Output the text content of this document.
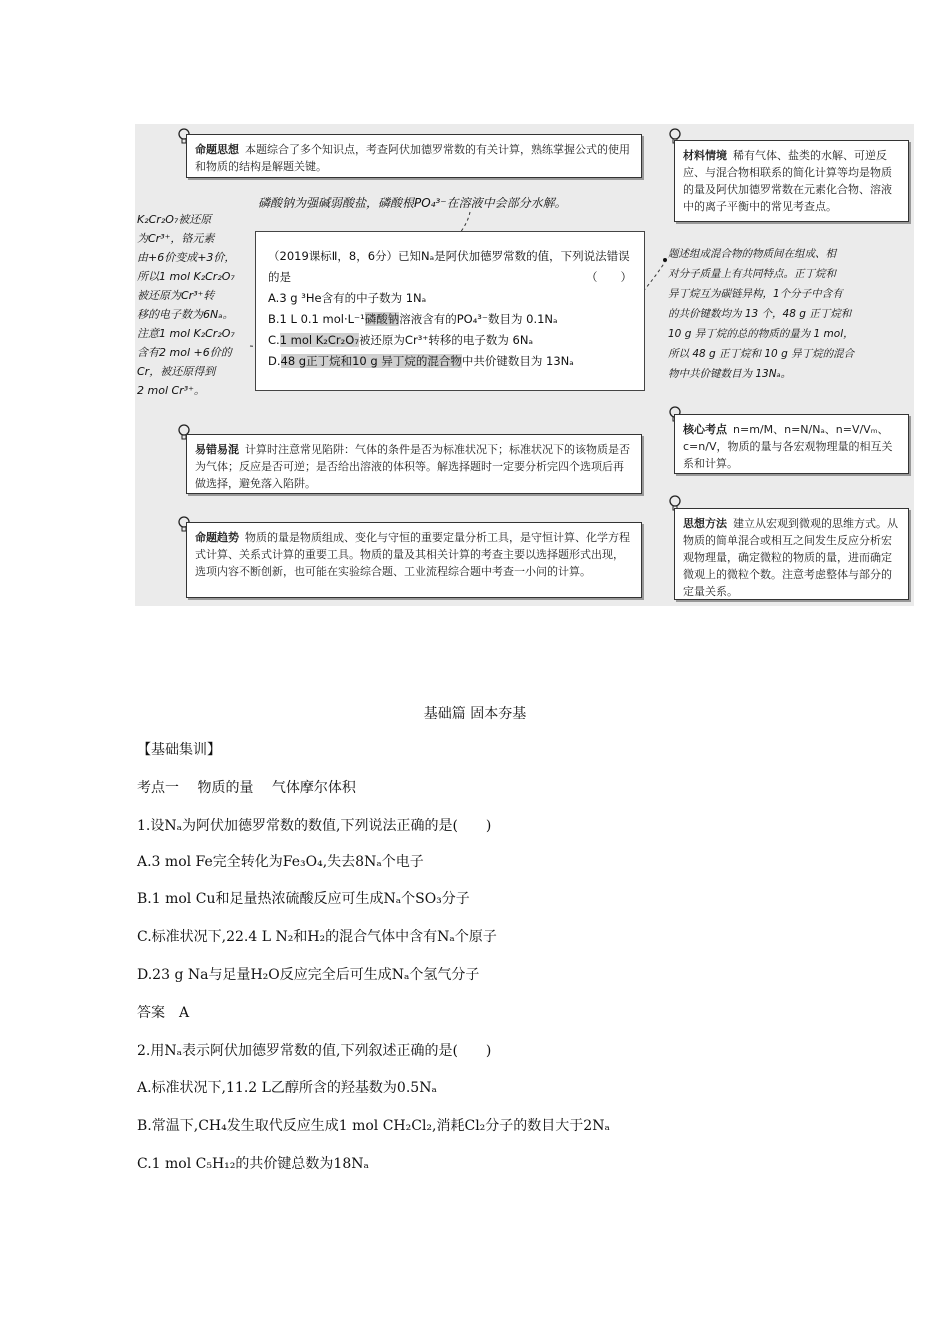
命题思想 本题综合了多个知识点，考查阿伏加德罗常数的有关计算，熟练掌握公式的使用和物质的结构是解题关键。
材料情境 稀有气体、盐类的水解、可逆反应、与混合物相联系的简化计算等均是物质的量及阿伏加德罗常数在元素化合物、溶液中的离子平衡中的常见考查点。
磷酸钠为强碱弱酸盐，磷酸根PO₄³⁻在溶液中会部分水解。
K₂Cr₂O₇被还原
为Cr³⁺，铬元素
由+6价变成+3价，
所以1 mol K₂Cr₂O₇
被还原为Cr³⁺转
移的电子数为6Nₐ。
注意1 mol K₂Cr₂O₇
含有2 mol +6价的
Cr，被还原得到
2 mol Cr³⁺。
题述组成混合物的物质间在组成、相
对分子质量上有共同特点。正丁烷和
异丁烷互为碳链异构，1个分子中含有
的共价键数均为 13 个，48 g 正丁烷和
10 g 异丁烷的总的物质的量为 1 mol，
所以 48 g 正丁烷和 10 g 异丁烷的混合
物中共价键数目为 13Nₐ。
（2019课标Ⅱ，8，6分）已知Nₐ是阿伏加德罗常数的值，下列说法错误的是	（　　）
A.3 g ³He含有的中子数为 1Nₐ
B.1 L 0.1 mol·L⁻¹磷酸钠溶液含有的PO₄³⁻数目为 0.1Nₐ
C.1 mol K₂Cr₂O₇被还原为Cr³⁺转移的电子数为 6Nₐ
D.48 g正丁烷和10 g 异丁烷的混合物中共价键数目为 13Nₐ
易错易混 计算时注意常见陷阱：气体的条件是否为标准状况下；标准状况下的该物质是否为气体；反应是否可逆；是否给出溶液的体积等。解选择题时一定要分析完四个选项后再做选择，避免落入陷阱。
核心考点 n=m/M、n=N/Nₐ、n=V/Vₘ、c=n/V，物质的量与各宏观物理量的相互关系和计算。
命题趋势 物质的量是物质组成、变化与守恒的重要定量分析工具，是守恒计算、化学方程式计算、关系式计算的重要工具。物质的量及其相关计算的考查主要以选择题形式出现，选项内容不断创新，也可能在实验综合题、工业流程综合题中考查一小问的计算。
思想方法 建立从宏观到微观的思维方式。从物质的简单混合或相互之间发生反应分析宏观物理量，确定微粒的物质的量，进而确定微观上的微粒个数。注意考虑整体与部分的定量关系。
基础篇 固本夯基
【基础集训】
考点一　 物质的量　 气体摩尔体积
1.设Nₐ为阿伏加德罗常数的数值,下列说法正确的是(　　)
A.3 mol Fe完全转化为Fe₃O₄,失去8Nₐ个电子
B.1 mol Cu和足量热浓硫酸反应可生成Nₐ个SO₃分子
C.标准状况下,22.4 L N₂和H₂的混合气体中含有Nₐ个原子
D.23 g Na与足量H₂O反应完全后可生成Nₐ个氢气分子
答案　A
2.用Nₐ表示阿伏加德罗常数的值,下列叙述正确的是(　　)
A.标准状况下,11.2 L乙醇所含的羟基数为0.5Nₐ
B.常温下,CH₄发生取代反应生成1 mol CH₂Cl₂,消耗Cl₂分子的数目大于2Nₐ
C.1 mol C₅H₁₂的共价键总数为18Nₐ
